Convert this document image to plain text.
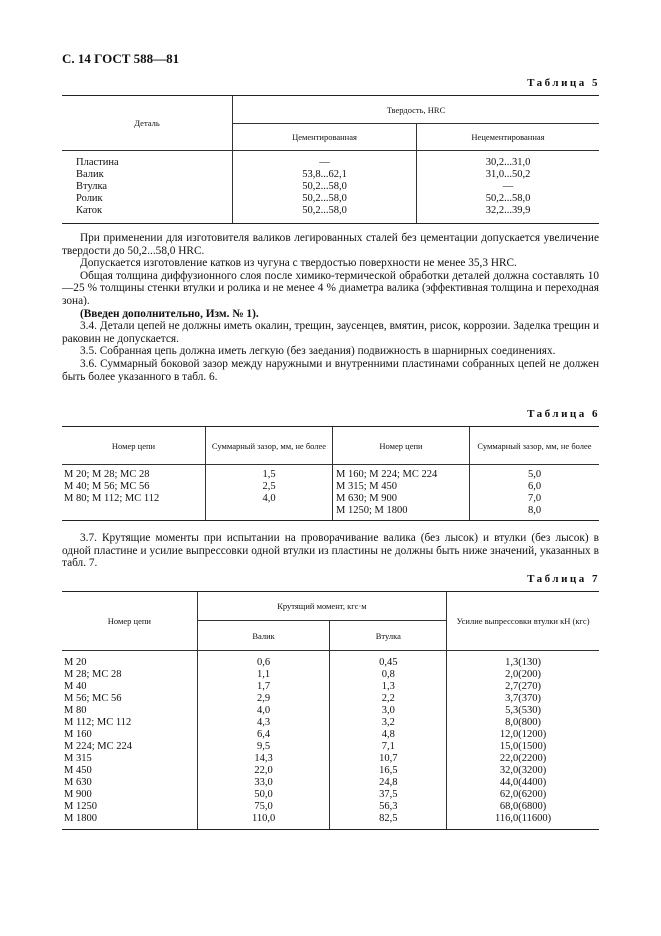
С. 14 ГОСТ 588—81
Таблица 5
Деталь	Твердость, HRC	
	Цементированная	Нецементированная
Пластина	—	30,2...31,0
Валик	53,8...62,1	31,0...50,2
Втулка	50,2...58,0	—
Ролик	50,2...58,0	50,2...58,0
Каток	50,2...58,0	32,2...39,9

При применении для изготовителя валиков легированных сталей без цементации допускается увеличение твердости до 50,2...58,0 HRC.

Допускается изготовление катков из чугуна с твердостью поверхности не менее 35,3 HRC.

Общая толщина диффузионного слоя после химико-термической обработки деталей должна составлять 10—25 % толщины стенки втулки и ролика и не менее 4 % диаметра валика (эффективная толщина и переходная зона).

(Введен дополнительно, Изм. № 1).

3.4. Детали цепей не должны иметь окалин, трещин, заусенцев, вмятин, рисок, коррозии. Заделка трещин и раковин не допускается.

3.5. Собранная цепь должна иметь легкую (без заедания) подвижность в шарнирных соединениях.

3.6. Суммарный боковой зазор между наружными и внутренними пластинами собранных цепей не должен быть более указанного в табл. 6.

Таблица 6
Номер цепи	Суммарный зазор, мм, не более	Номер цепи	Суммарный зазор, мм, не более
М 20; М 28; МС 28	1,5	М 160; М 224; МС 224	5,0
М 40; М 56; МС 56	2,5	М 315; М 450	6,0
М 80; М 112; МС 112	4,0	М 630; М 900	7,0
		М 1250; М 1800	8,0

3.7. Крутящие моменты при испытании на проворачивание валика (без лысок) и втулки (без лысок) в одной пластине и усилие выпрессовки одной втулки из пластины не должны быть ниже значений, указанных в табл. 7.

Таблица 7
Номер цепи	Крутящий момент, кгс·м		Усилие выпрессовки втулки кН (кгс)
	Валик	Втулка	
М 20	0,6	0,45	1,3(130)
М 28; МС 28	1,1	0,8	2,0(200)
М 40	1,7	1,3	2,7(270)
М 56; МС 56	2,9	2,2	3,7(370)
М 80	4,0	3,0	5,3(530)
М 112; МС 112	4,3	3,2	8,0(800)
М 160	6,4	4,8	12,0(1200)
М 224; МС 224	9,5	7,1	15,0(1500)
М 315	14,3	10,7	22,0(2200)
М 450	22,0	16,5	32,0(3200)
М 630	33,0	24,8	44,0(4400)
М 900	50,0	37,5	62,0(6200)
М 1250	75,0	56,3	68,0(6800)
М 1800	110,0	82,5	116,0(11600)
